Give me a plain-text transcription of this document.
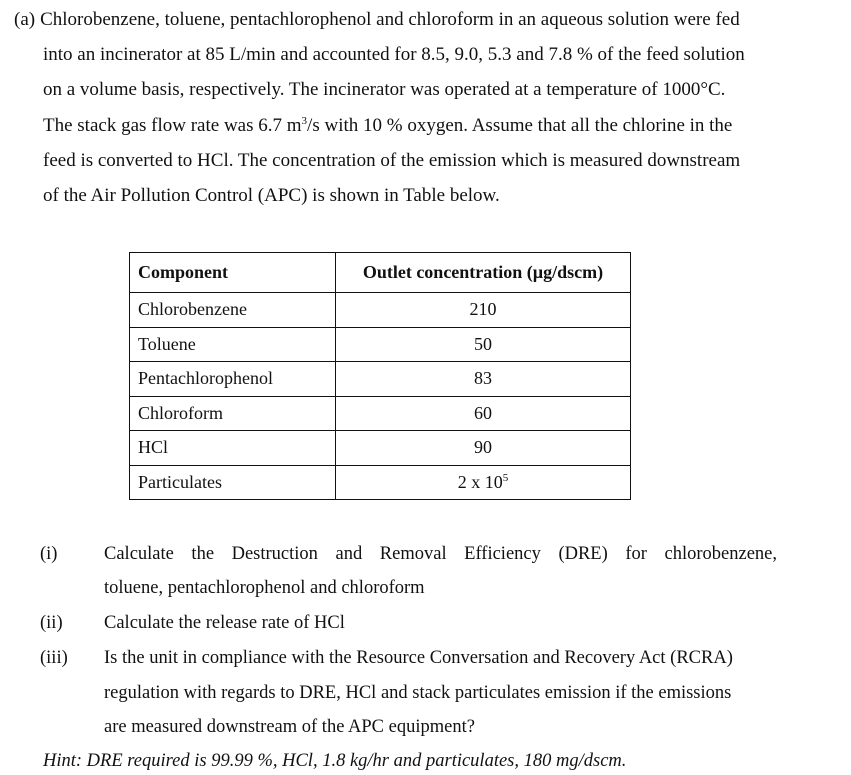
(a) Chlorobenzene, toluene, pentachlorophenol and chloroform in an aqueous solution were fed
into an incinerator at 85 L/min and accounted for 8.5, 9.0, 5.3 and 7.8 % of the feed solution
on a volume basis, respectively. The incinerator was operated at a temperature of 1000°C.
The stack gas flow rate was 6.7 $m^3/s$ with 10 % oxygen. Assume that all the chlorine in the
feed is converted to HCl. The concentration of the emission which is measured downstream
of the Air Pollution Control (APC) is shown in Table below.
Component	Outlet concentration (µg/dscm)
Chlorobenzene	210
Toluene	50
Pentachlorophenol	83
Chloroform	60
HCl	90
Particulates	2 x $10^5$
(i)	Calculate the Destruction and Removal Efficiency (DRE) for chlorobenzene,
toluene, pentachlorophenol and chloroform
(ii) Calculate the release rate of HCl
(iii) Is the unit in compliance with the Resource Conversation and Recovery Act (RCRA)
regulation with regards to DRE, HCl and stack particulates emission if the emissions
are measured downstream of the APC equipment?
Hint: DRE required is 99.99 %, HCl, 1.8 kg/hr and particulates, 180 mg/dscm.
